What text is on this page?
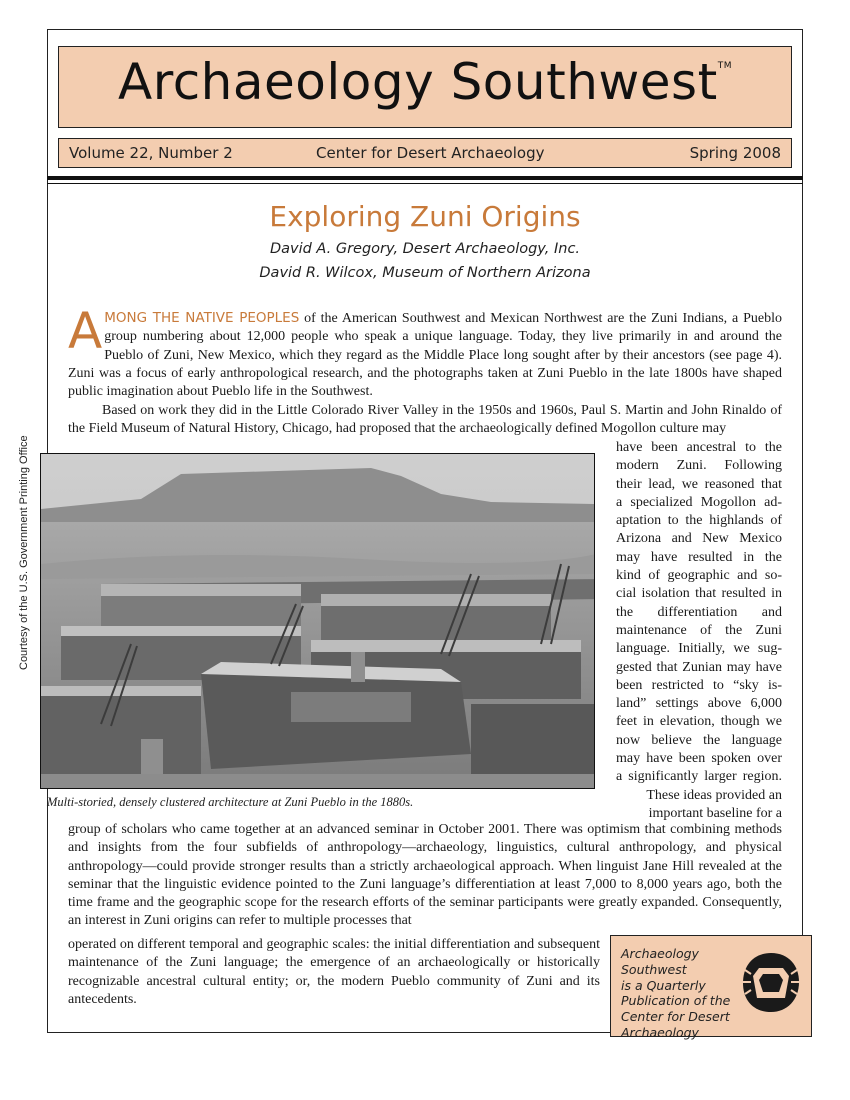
Archaeology Southwest™
Volume 22, Number 2	Center for Desert Archaeology	Spring 2008
Exploring Zuni Origins
David A. Gregory, Desert Archaeology, Inc.
David R. Wilcox, Museum of Northern Arizona

AMONG THE NATIVE PEOPLES of the American Southwest and Mexican Northwest are the Zuni Indians, a Pueblo group numbering about 12,000 people who speak a unique language. Today, they live primarily in and around the Pueblo of Zuni, New Mexico, which they regard as the Middle Place long sought after by their ancestors (see page 4). Zuni was a focus of early anthropological research, and the photographs taken at Zuni Pueblo in the late 1800s have shaped public imagination about Pueblo life in the Southwest.

Based on work they did in the Little Colorado River Valley in the 1950s and 1960s, Paul S. Martin and John Rinaldo of the Field Museum of Natural History, Chicago, had proposed that the archaeologically defined Mogollon culture may

have been ancestral to the
modern Zuni. Following
their lead, we reasoned that
a specialized Mogollon ad-
aptation to the highlands of
Arizona and New Mexico
may have resulted in the
kind of geographic and so-
cial isolation that resulted in
the differentiation and
maintenance of the Zuni
language. Initially, we sug-
gested that Zunian may have
been restricted to “sky is-
land” settings above 6,000
feet in elevation, though we
now believe the language
may have been spoken over
a significantly larger region.
These ideas provided an
important baseline for a
Courtesy of the U.S. Government Printing Office
Multi-storied, densely clustered architecture at Zuni Pueblo in the 1880s.

group of scholars who came together at an advanced seminar in October 2001. There was optimism that combining methods and insights from the four subfields of anthropology—archaeology, linguistics, cultural anthropology, and physical anthropology—could provide stronger results than a strictly archaeological approach. When linguist Jane Hill revealed at the seminar that the linguistic evidence pointed to the Zuni language’s differentiation at least 7,000 to 8,000 years ago, both the time frame and the geographic scope for the research efforts of the seminar participants were greatly expanded. Consequently, an interest in Zuni origins can refer to multiple processes that

operated on different temporal and geographic scales: the initial differentiation and subsequent maintenance of the Zuni language; the emergence of an archaeologically or historically recognizable ancestral cultural entity; or, the modern Pueblo community of Zuni and its antecedents.

Archaeology Southwest
is a Quarterly
Publication of the
Center for Desert
Archaeology
